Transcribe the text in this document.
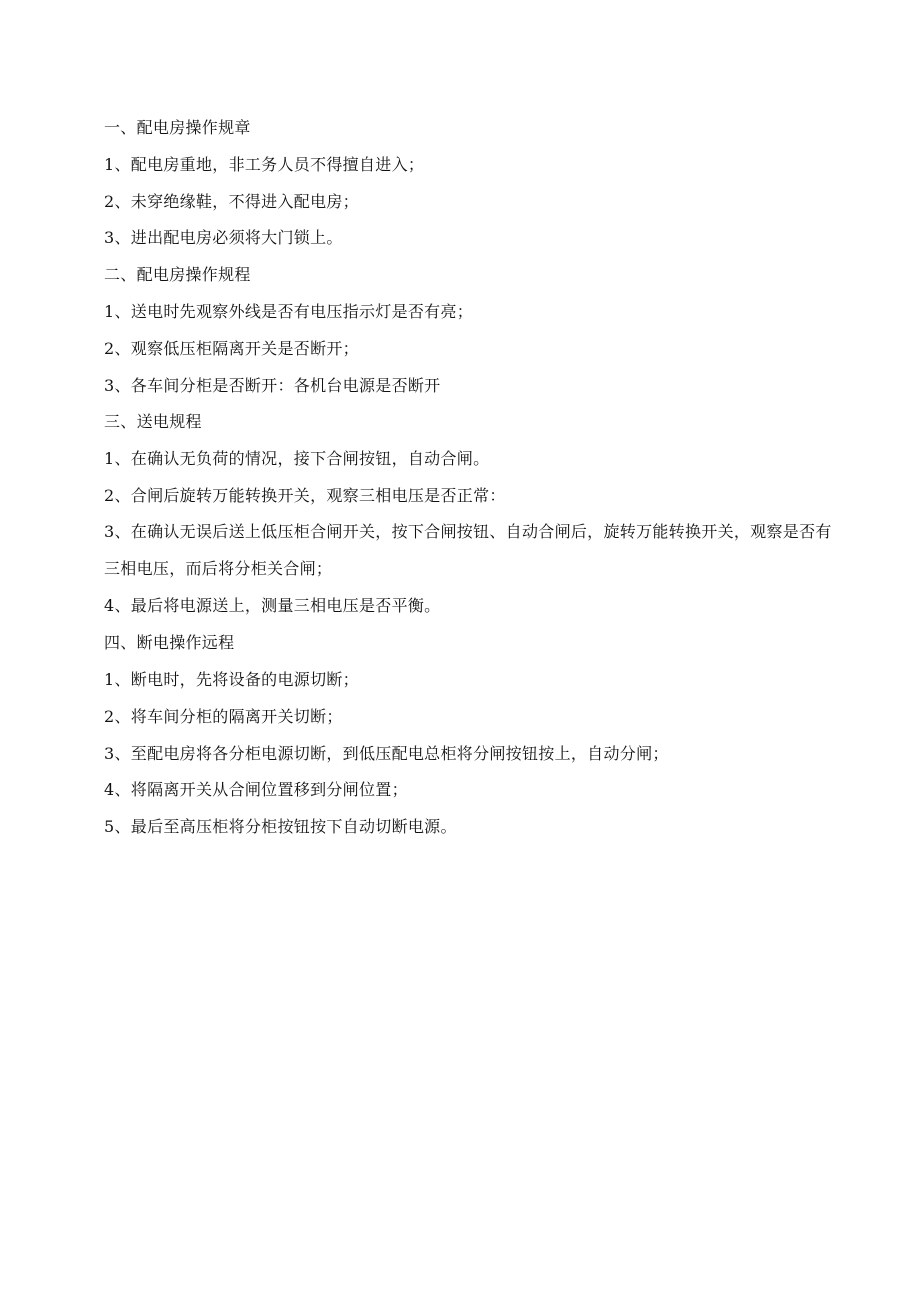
一、配电房操作规章
1、配电房重地，非工务人员不得擅自进入；
2、未穿绝缘鞋，不得进入配电房；
3、进出配电房必须将大门锁上。
二、配电房操作规程
1、送电时先观察外线是否有电压指示灯是否有亮；
2、观察低压柜隔离开关是否断开；
3、各车间分柜是否断开：各机台电源是否断开
三、送电规程
1、在确认无负荷的情况，接下合闸按钮，自动合闸。
2、合闸后旋转万能转换开关，观察三相电压是否正常：
3、在确认无误后送上低压柜合闸开关，按下合闸按钮、自动合闸后，旋转万能转换开关，观察是否有三相电压，而后将分柜关合闸；
4、最后将电源送上，测量三相电压是否平衡。
四、断电操作远程
1、断电时，先将设备的电源切断；
2、将车间分柜的隔离开关切断；
3、至配电房将各分柜电源切断，到低压配电总柜将分闸按钮按上，自动分闸；
4、将隔离开关从合闸位置移到分闸位置；
5、最后至高压柜将分柜按钮按下自动切断电源。
